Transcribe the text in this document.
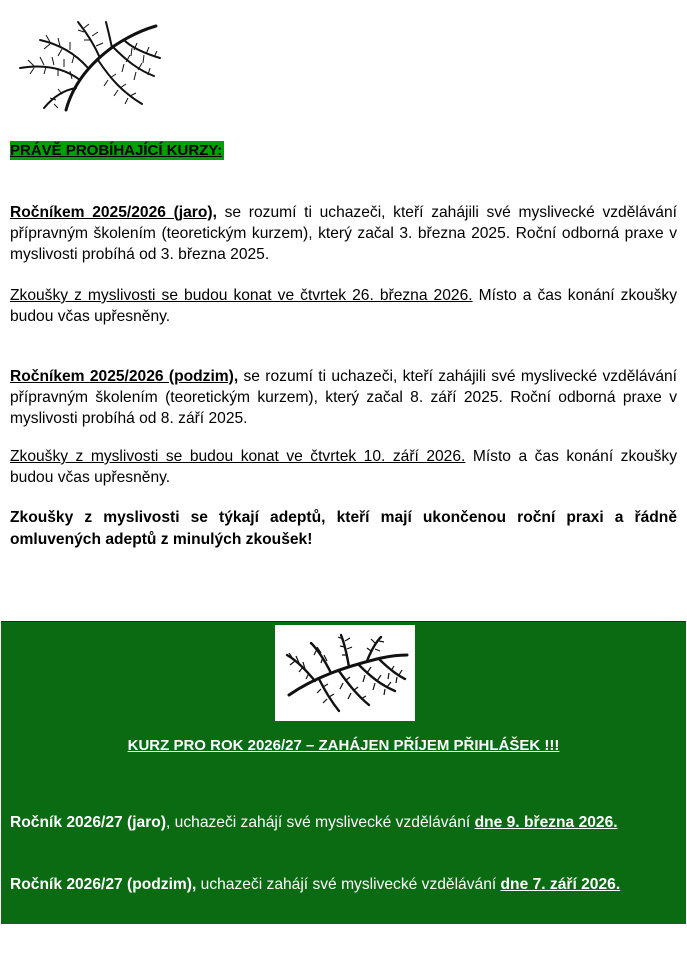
PRÁVĚ PROBÍHAJÍCÍ KURZY:
Ročníkem 2025/2026 (jaro), se rozumí ti uchazeči, kteří zahájili své myslivecké vzdělávání přípravným školením (teoretickým kurzem), který začal 3. března 2025. Roční odborná praxe v myslivosti probíhá od 3. března 2025.
Zkoušky z myslivosti se budou konat ve čtvrtek 26. března 2026. Místo a čas konání zkoušky budou včas upřesněny.
Ročníkem 2025/2026 (podzim), se rozumí ti uchazeči, kteří zahájili své myslivecké vzdělávání přípravným školením (teoretickým kurzem), který začal 8. září 2025. Roční odborná praxe v myslivosti probíhá od 8. září 2025.
Zkoušky z myslivosti se budou konat ve čtvrtek 10. září 2026. Místo a čas konání zkoušky budou včas upřesněny.
Zkoušky z myslivosti se týkají adeptů, kteří mají ukončenou roční praxi a řádně omluvených adeptů z minulých zkoušek!
KURZ PRO ROK 2026/27 – ZAHÁJEN PŘÍJEM PŘIHLÁŠEK !!!
Ročník 2026/27 (jaro), uchazeči zahájí své myslivecké vzdělávání dne 9. března 2026.
Ročník 2026/27 (podzim), uchazeči zahájí své myslivecké vzdělávání dne 7. září 2026.
